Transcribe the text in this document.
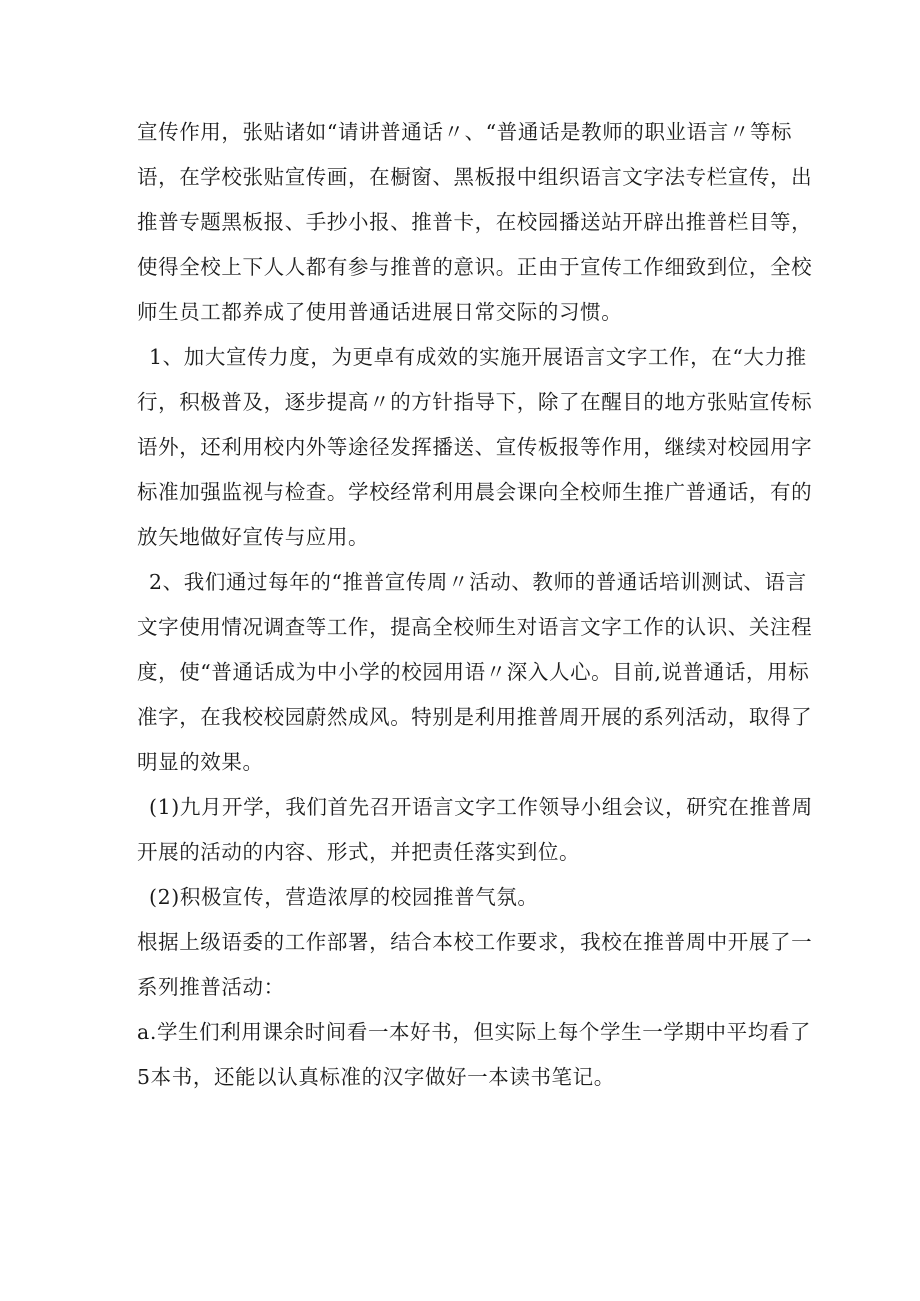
宣传作用，张贴诸如“请讲普通话〃、“普通话是教师的职业语言〃等标
语，在学校张贴宣传画，在橱窗、黑板报中组织语言文字法专栏宣传，出
推普专题黑板报、手抄小报、推普卡，在校园播送站开辟出推普栏目等，
使得全校上下人人都有参与推普的意识。正由于宣传工作细致到位，全校
师生员工都养成了使用普通话进展日常交际的习惯。
1、加大宣传力度，为更卓有成效的实施开展语言文字工作，在“大力推
行，积极普及，逐步提高〃的方针指导下，除了在醒目的地方张贴宣传标
语外，还利用校内外等途径发挥播送、宣传板报等作用，继续对校园用字
标准加强监视与检查。学校经常利用晨会课向全校师生推广普通话，有的
放矢地做好宣传与应用。
2、我们通过每年的“推普宣传周〃活动、教师的普通话培训测试、语言
文字使用情况调查等工作，提高全校师生对语言文字工作的认识、关注程
度，使“普通话成为中小学的校园用语〃深入人心。目前,说普通话，用标
准字，在我校校园蔚然成风。特别是利用推普周开展的系列活动，取得了
明显的效果。
(1)九月开学，我们首先召开语言文字工作领导小组会议，研究在推普周
开展的活动的内容、形式，并把责任落实到位。
(2)积极宣传，营造浓厚的校园推普气氛。
根据上级语委的工作部署，结合本校工作要求，我校在推普周中开展了一
系列推普活动：
a.学生们利用课余时间看一本好书，但实际上每个学生一学期中平均看了
5本书，还能以认真标准的汉字做好一本读书笔记。
